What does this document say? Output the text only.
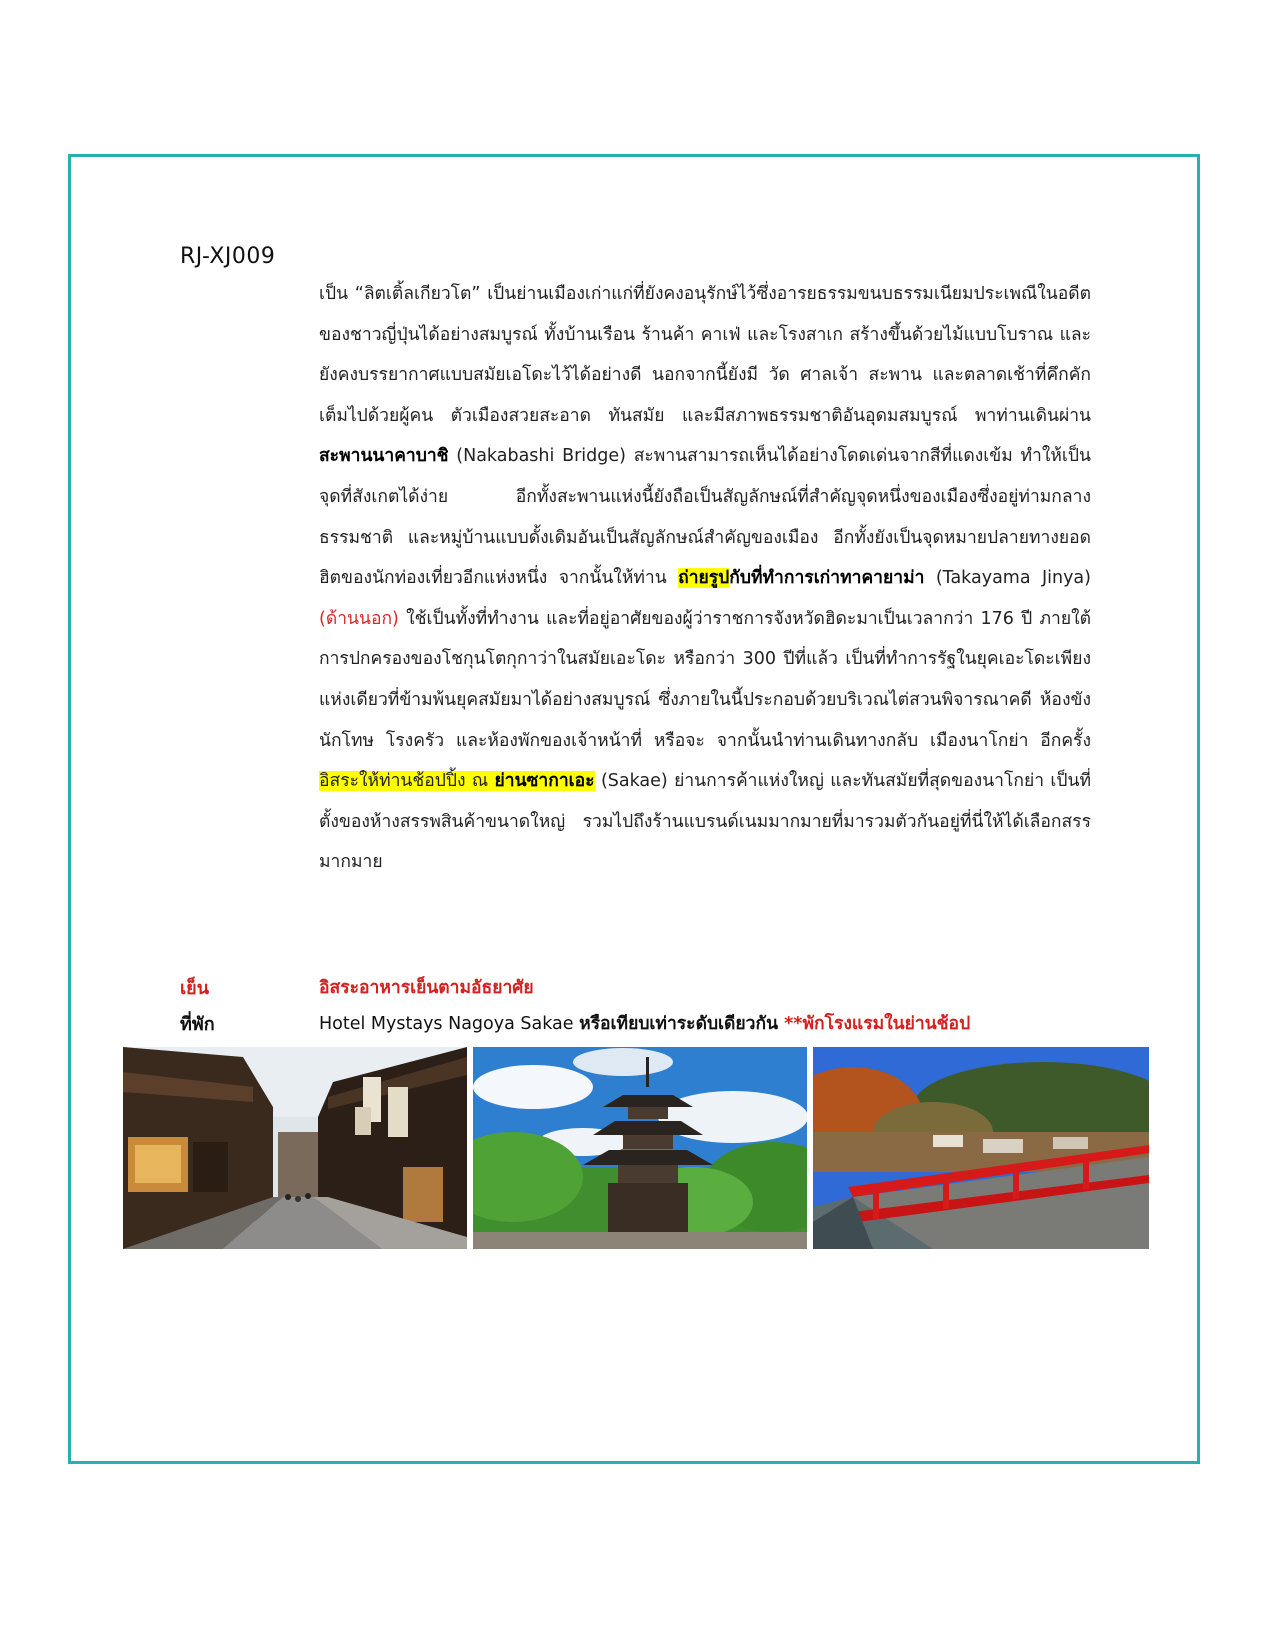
RJ-XJ009
เป็น “ลิตเติ้ลเกียวโต” เป็นย่านเมืองเก่าแก่ที่ยังคงอนุรักษ์ไว้ซึ่งอารยธรรมขนบธรรมเนียมประเพณีในอดีตของชาวญี่ปุ่นได้อย่างสมบูรณ์ ทั้งบ้านเรือน ร้านค้า คาเฟ่ และโรงสาเก สร้างขึ้นด้วยไม้แบบโบราณ และยังคงบรรยากาศแบบสมัยเอโดะไว้ได้อย่างดี นอกจากนี้ยังมี วัด ศาลเจ้า สะพาน และตลาดเช้าที่คึกคักเต็มไปด้วยผู้คน ตัวเมืองสวยสะอาด ทันสมัย และมีสภาพธรรมชาติอันอุดมสมบูรณ์ พาท่านเดินผ่าน สะพานนาคาบาชิ (Nakabashi Bridge) สะพานสามารถเห็นได้อย่างโดดเด่นจากสีที่แดงเข้ม ทำให้เป็นจุดที่สังเกตได้ง่าย อีกทั้งสะพานแห่งนี้ยังถือเป็นสัญลักษณ์ที่สำคัญจุดหนึ่งของเมืองซึ่งอยู่ท่ามกลางธรรมชาติ และหมู่บ้านแบบดั้งเดิมอันเป็นสัญลักษณ์สำคัญของเมือง อีกทั้งยังเป็นจุดหมายปลายทางยอดฮิตของนักท่องเที่ยวอีกแห่งหนึ่ง จากนั้นให้ท่าน ถ่ายรูปกับที่ทำการเก่าทาคายาม่า (Takayama Jinya) (ด้านนอก) ใช้เป็นทั้งที่ทำงาน และที่อยู่อาศัยของผู้ว่าราชการจังหวัดฮิดะมาเป็นเวลากว่า 176 ปี ภายใต้การปกครองของโชกุนโตกุกาว่าในสมัยเอะโดะ หรือกว่า 300 ปีที่แล้ว เป็นที่ทำการรัฐในยุคเอะโดะเพียงแห่งเดียวที่ข้ามพ้นยุคสมัยมาได้อย่างสมบูรณ์ ซึ่งภายในนี้ประกอบด้วยบริเวณไต่สวนพิจารณาคดี ห้องขังนักโทษ โรงครัว และห้องพักของเจ้าหน้าที่ หรือจะ จากนั้นนำท่านเดินทางกลับ เมืองนาโกย่า อีกครั้ง อิสระให้ท่านช้อปปิ้ง ณ ย่านซากาเอะ (Sakae) ย่านการค้าแห่งใหญ่ และทันสมัยที่สุดของนาโกย่า เป็นที่ตั้งของห้างสรรพสินค้าขนาดใหญ่ รวมไปถึงร้านแบรนด์เนมมากมายที่มารวมตัวกันอยู่ที่นี่ให้ได้เลือกสรรมากมาย
เย็น	อิสระอาหารเย็นตามอัธยาศัย
ที่พัก	Hotel Mystays Nagoya Sakae หรือเทียบเท่าระดับเดียวกัน **พักโรงแรมในย่านช้อป
